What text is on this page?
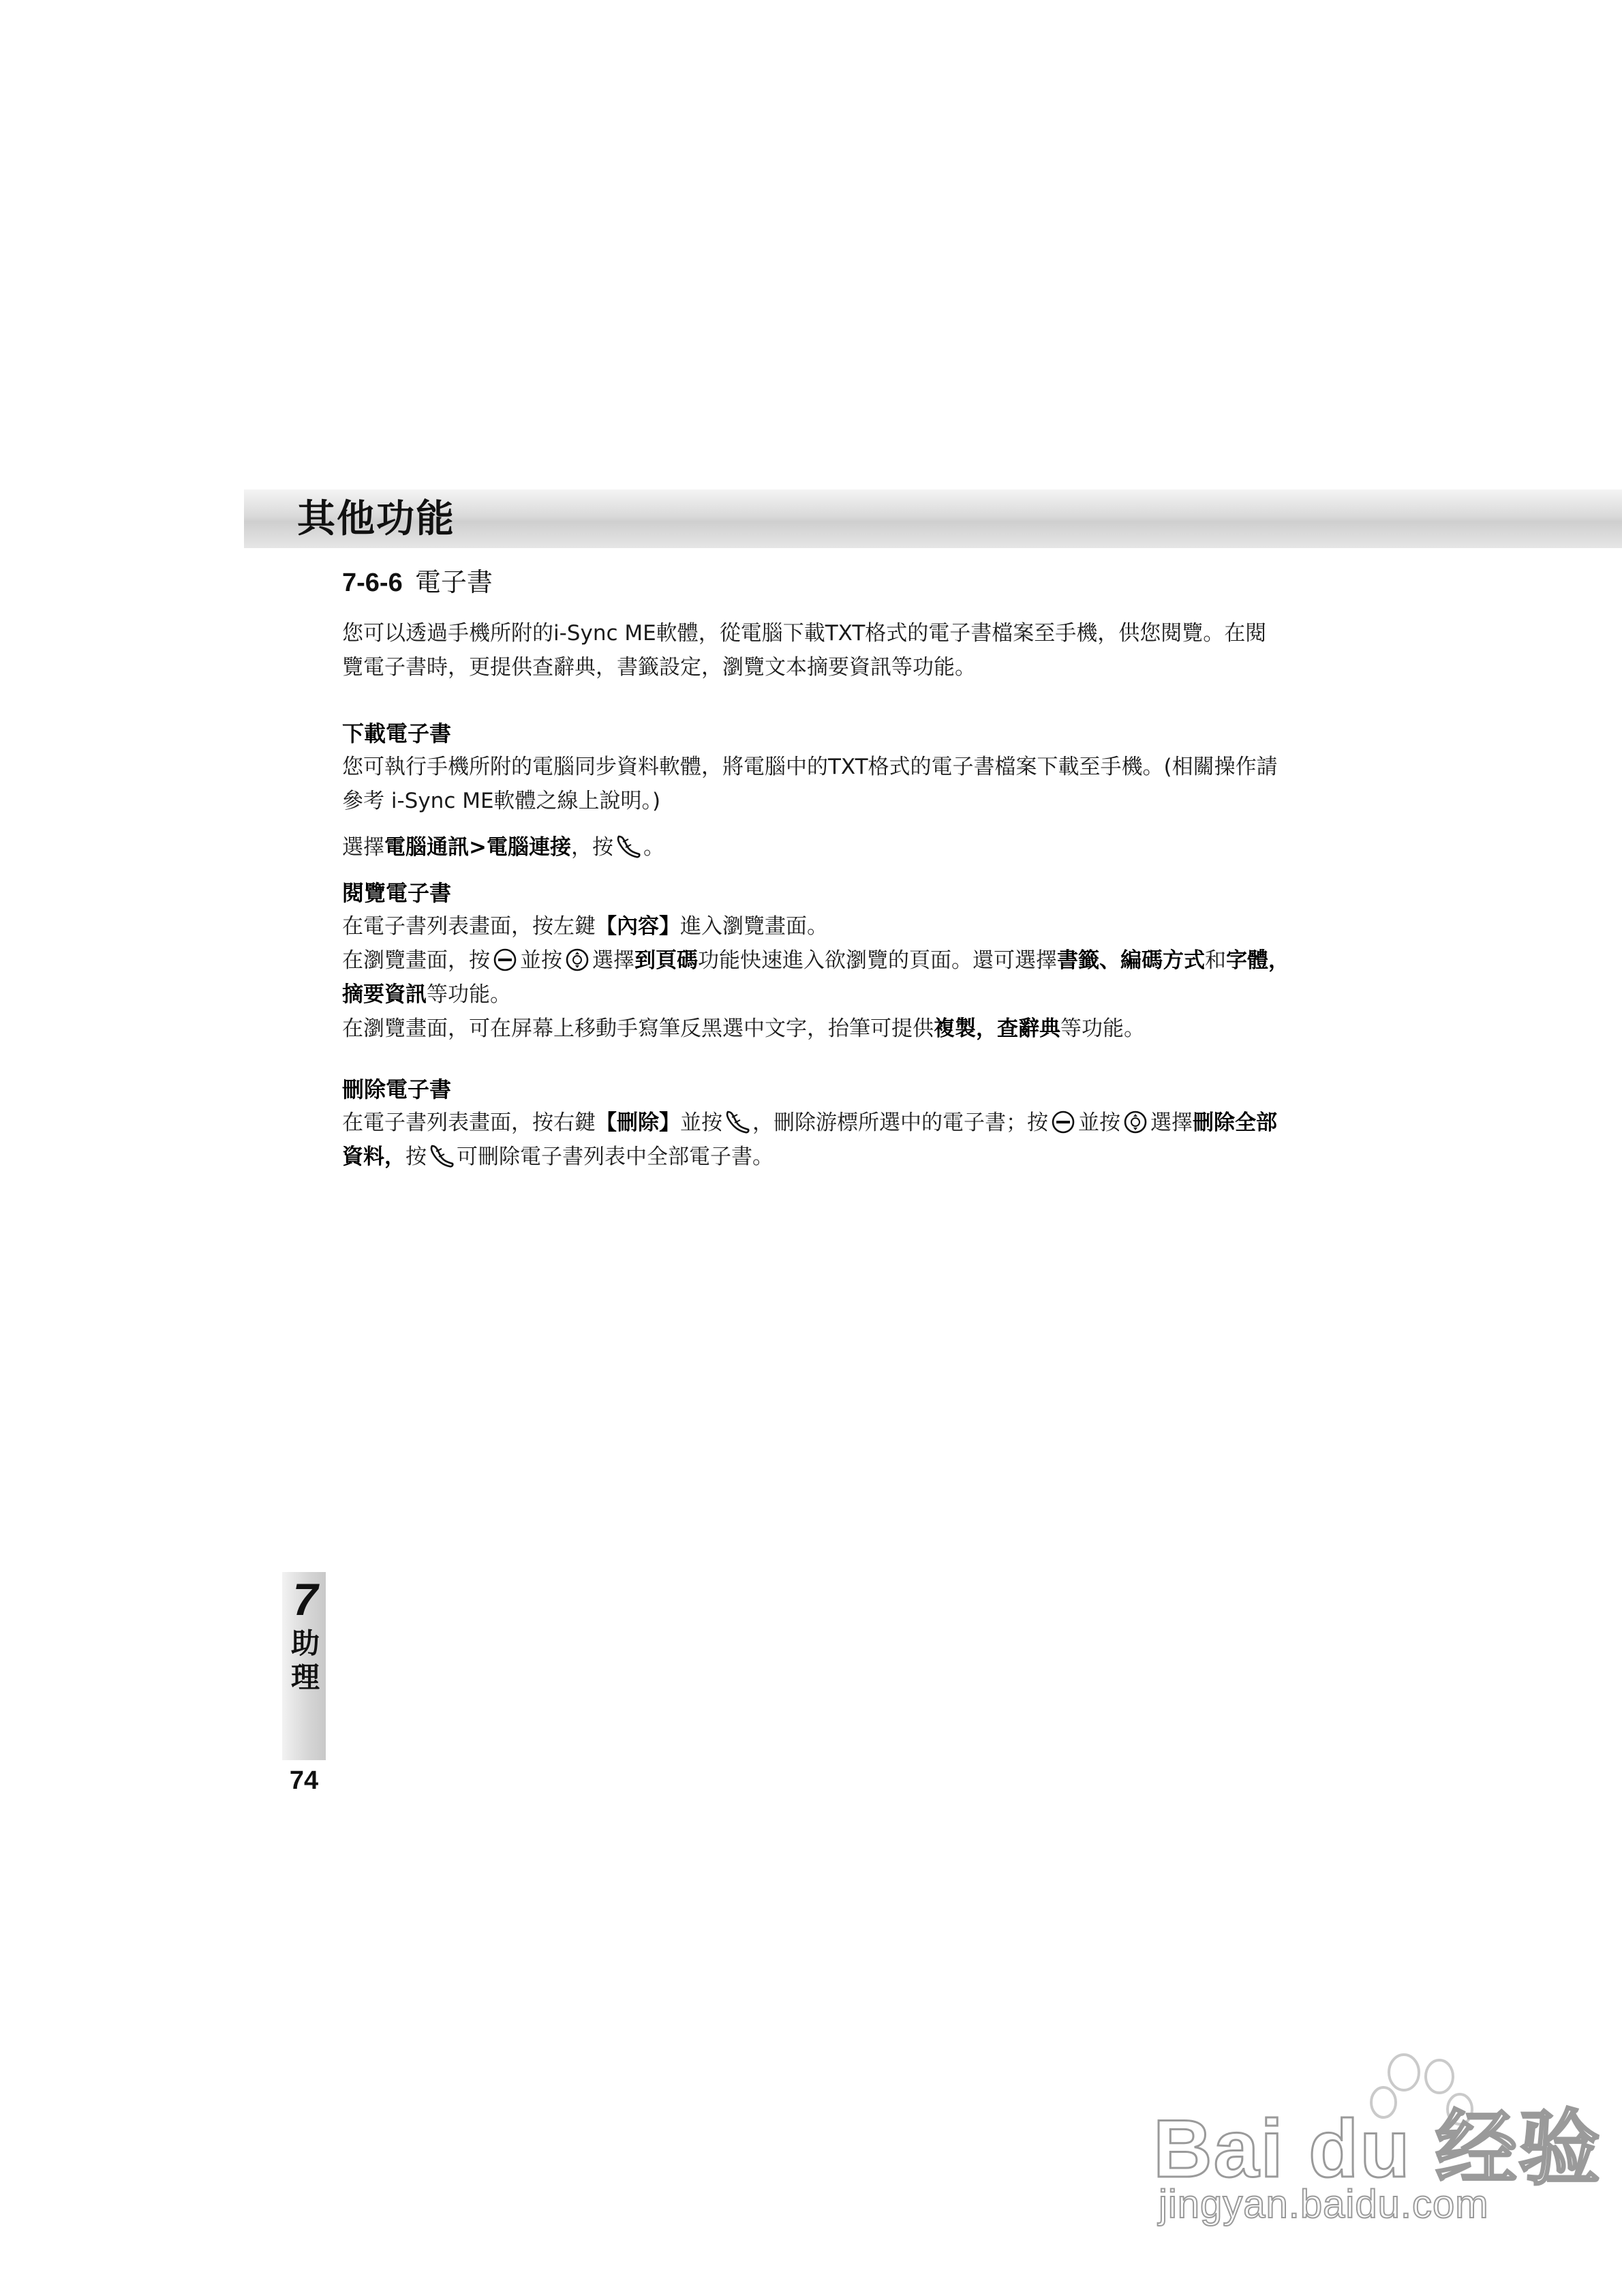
其他功能
7-6-6 電子書
您可以透過手機所附的i-Sync ME軟體，從電腦下載TXT格式的電子書檔案至手機，供您閱覽。在閱
覽電子書時，更提供查辭典，書籤設定，瀏覽文本摘要資訊等功能。
下載電子書
您可執行手機所附的電腦同步資料軟體，將電腦中的TXT格式的電子書檔案下載至手機。(相關操作請
參考 i-Sync ME軟體之線上說明。)
選擇電腦通訊>電腦連接，按 。
閱覽電子書
在電子書列表畫面，按左鍵【內容】進入瀏覽畫面。
在瀏覽畫面，按 並按 選擇到頁碼功能快速進入欲瀏覽的頁面。還可選擇書籤、編碼方式和字體，
摘要資訊等功能。
在瀏覽畫面，可在屏幕上移動手寫筆反黑選中文字，抬筆可提供複製，查辭典等功能。
刪除電子書
在電子書列表畫面，按右鍵【刪除】並按 ，刪除游標所選中的電子書；按 並按 選擇刪除全部
資料，按 可刪除電子書列表中全部電子書。
7
助
理
74
Bai du 经验
jingyan.baidu.com
